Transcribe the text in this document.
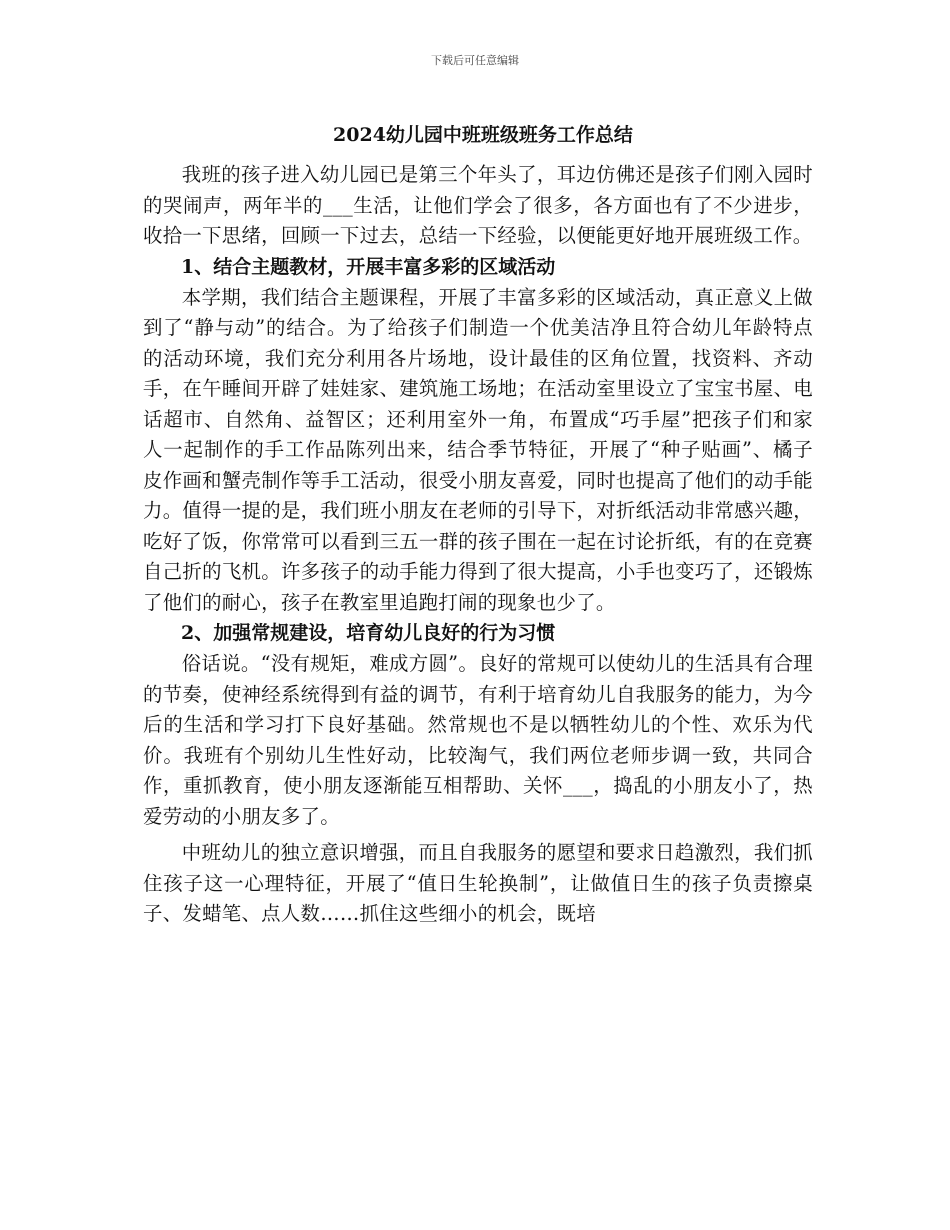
下载后可任意编辑
2024幼儿园中班班级班务工作总结

我班的孩子进入幼儿园已是第三个年头了，耳边仿佛还是孩子们刚入园时的哭闹声，两年半的___生活，让他们学会了很多，各方面也有了不少进步，收拾一下思绪，回顾一下过去，总结一下经验，以便能更好地开展班级工作。

1、结合主题教材，开展丰富多彩的区域活动

本学期，我们结合主题课程，开展了丰富多彩的区域活动，真正意义上做到了“静与动”的结合。为了给孩子们制造一个优美洁净且符合幼儿年龄特点的活动环境，我们充分利用各片场地，设计最佳的区角位置，找资料、齐动手，在午睡间开辟了娃娃家、建筑施工场地；在活动室里设立了宝宝书屋、电话超市、自然角、益智区；还利用室外一角，布置成“巧手屋”把孩子们和家人一起制作的手工作品陈列出来，结合季节特征，开展了“种子贴画”、橘子皮作画和蟹壳制作等手工活动，很受小朋友喜爱，同时也提高了他们的动手能力。值得一提的是，我们班小朋友在老师的引导下，对折纸活动非常感兴趣，吃好了饭，你常常可以看到三五一群的孩子围在一起在讨论折纸，有的在竞赛自己折的飞机。许多孩子的动手能力得到了很大提高，小手也变巧了，还锻炼了他们的耐心，孩子在教室里追跑打闹的现象也少了。

2、加强常规建设，培育幼儿良好的行为习惯

俗话说。“没有规矩，难成方圆”。良好的常规可以使幼儿的生活具有合理的节奏，使神经系统得到有益的调节，有利于培育幼儿自我服务的能力，为今后的生活和学习打下良好基础。然常规也不是以牺牲幼儿的个性、欢乐为代价。我班有个别幼儿生性好动，比较淘气，我们两位老师步调一致，共同合作，重抓教育，使小朋友逐渐能互相帮助、关怀___，捣乱的小朋友小了，热爱劳动的小朋友多了。

中班幼儿的独立意识增强，而且自我服务的愿望和要求日趋激烈，我们抓住孩子这一心理特征，开展了“值日生轮换制”，让做值日生的孩子负责擦桌子、发蜡笔、点人数……抓住这些细小的机会，既培
